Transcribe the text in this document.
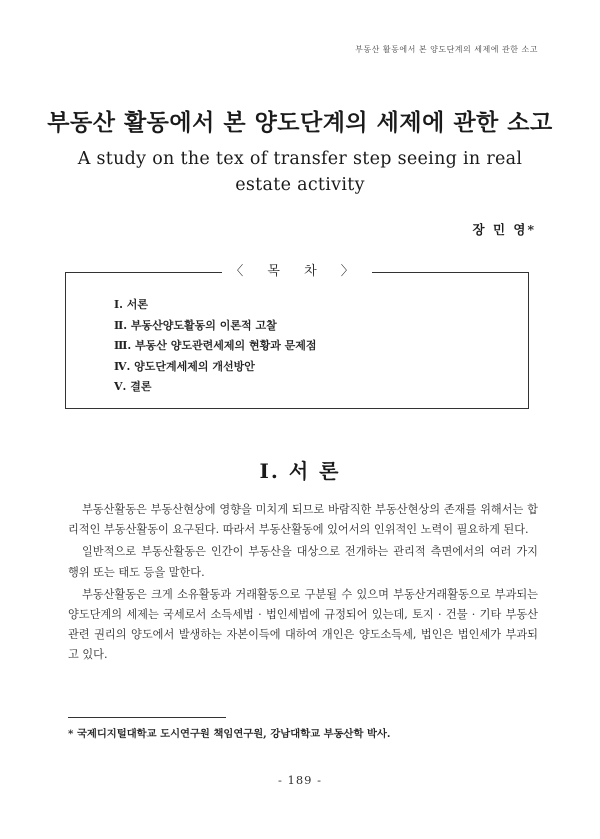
부동산 활동에서 본 양도단계의 세제에 관한 소고
부동산 활동에서 본 양도단계의 세제에 관한 소고
A study on the tex of transfer step seeing in real estate activity
장 민 영*
〈 목 차 〉
Ⅰ. 서론
Ⅱ. 부동산양도활동의 이론적 고찰
Ⅲ. 부동산 양도관련세제의 현황과 문제점
Ⅳ. 양도단계세제의 개선방안
Ⅴ. 결론
Ⅰ. 서 론

부동산활동은 부동산현상에 영향을 미치게 되므로 바람직한 부동산현상의 존재를 위해서는 합리적인 부동산활동이 요구된다. 따라서 부동산활동에 있어서의 인위적인 노력이 필요하게 된다.

일반적으로 부동산활동은 인간이 부동산을 대상으로 전개하는 관리적 측면에서의 여러 가지 행위 또는 태도 등을 말한다.

부동산활동은 크게 소유활동과 거래활동으로 구분될 수 있으며 부동산거래활동으로 부과되는 양도단계의 세제는 국세로서 소득세법 · 법인세법에 규정되어 있는데, 토지 · 건물 · 기타 부동산관련 권리의 양도에서 발생하는 자본이득에 대하여 개인은 양도소득세, 법인은 법인세가 부과되고 있다.

* 국제디지털대학교 도시연구원 책임연구원, 강남대학교 부동산학 박사.
- 189 -
